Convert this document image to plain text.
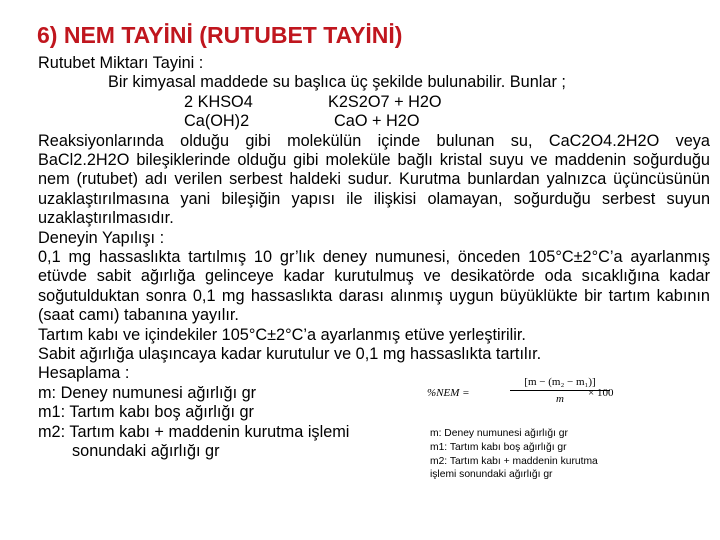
6) NEM TAYİNİ (RUTUBET TAYİNİ)
Rutubet Miktarı Tayini :
Bir kimyasal maddede su başlıca üç şekilde bulunabilir. Bunlar ;
2 KHSO4	K2S2O7 + H2O
Ca(OH)2	CaO + H2O
Reaksiyonlarında olduğu gibi molekülün içinde bulunan su, CaC2O4.2H2O veya BaCl2.2H2O bileşiklerinde olduğu gibi moleküle bağlı kristal suyu ve maddenin soğurduğu nem (rutubet) adı verilen serbest haldeki sudur. Kurutma bunlardan yalnızca üçüncüsünün uzaklaştırılmasına yani bileşiğin yapısı ile ilişkisi olamayan, soğurduğu serbest suyun uzaklaştırılmasıdır.
Deneyin Yapılışı :
0,1 mg hassaslıkta tartılmış 10 gr’lık deney numunesi, önceden 105°C±2°C’a ayarlanmış etüvde sabit ağırlığa gelinceye kadar kurutulmuş ve desikatörde oda sıcaklığına kadar soğutulduktan sonra 0,1 mg hassaslıkta darası alınmış uygun büyüklükte bir tartım kabının (saat camı) tabanına yayılır.
Tartım kabı ve içindekiler 105°C±2°C’a ayarlanmış etüve yerleştirilir.
Sabit ağırlığa ulaşıncaya kadar kurutulur ve 0,1 mg hassaslıkta tartılır.
Hesaplama :
m: Deney numunesi ağırlığı gr
m1: Tartım kabı boş ağırlığı gr
m2: Tartım kabı + maddenin kurutma işlemi
sonundaki ağırlığı gr
%NEM =
[m − (m₂ − m₁)]
m	× 100
m: Deney numunesi ağırlığı gr
m1: Tartım kabı boş ağırlığı gr
m2: Tartım kabı + maddenin kurutma
işlemi sonundaki ağırlığı gr
